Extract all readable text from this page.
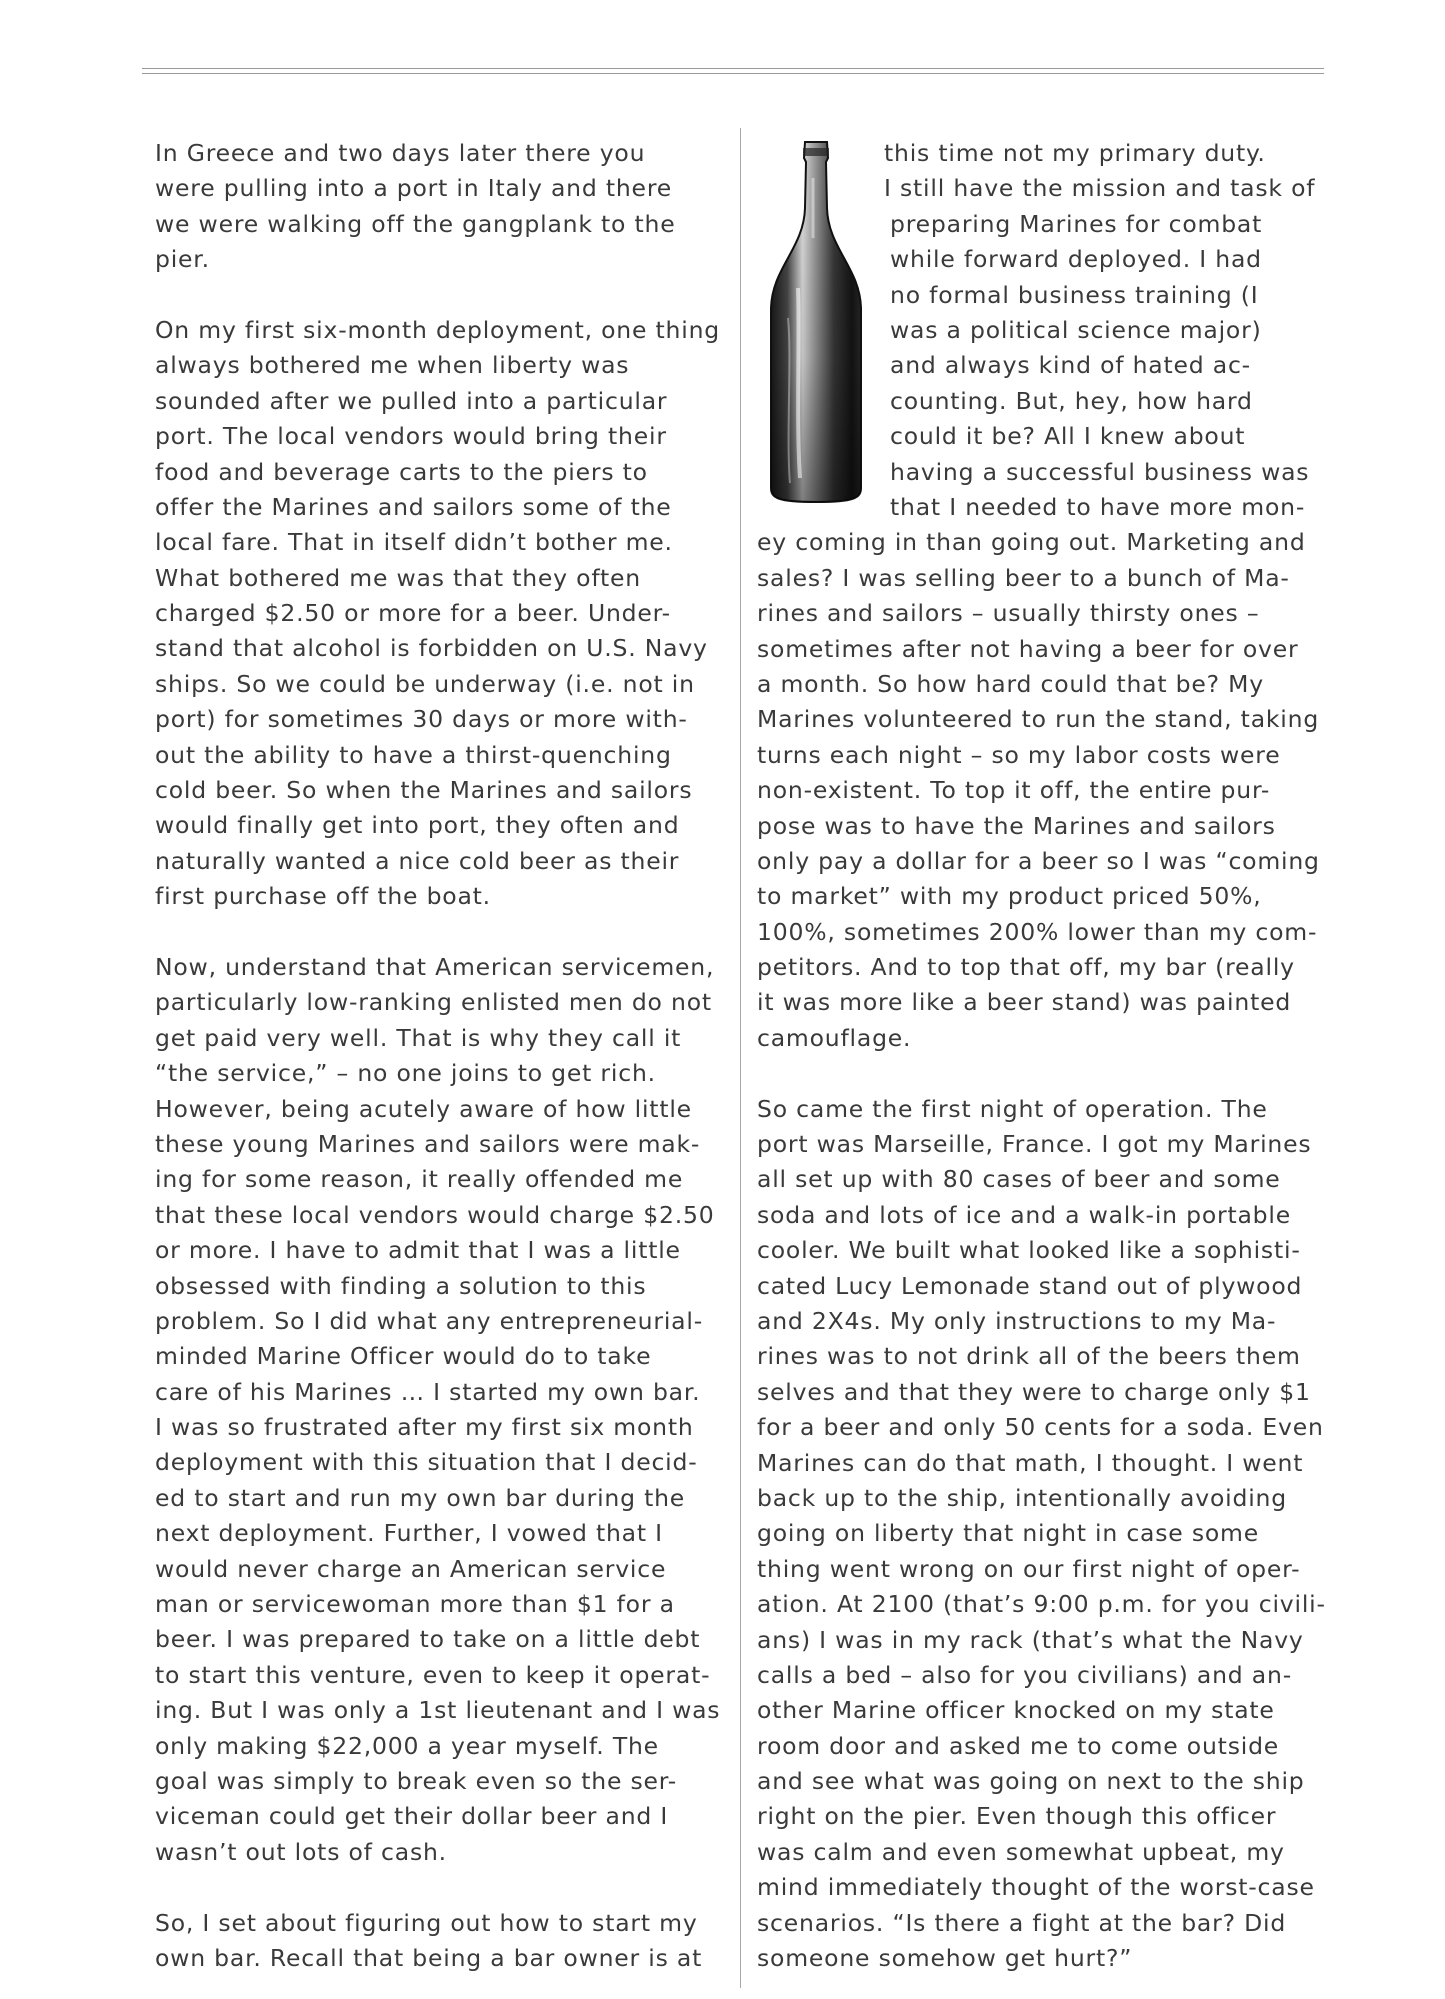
In Greece and two days later there you
were pulling into a port in Italy and there
we were walking off the gangplank to the
pier.
On my first six-month deployment, one thing
always bothered me when liberty was
sounded after we pulled into a particular
port. The local vendors would bring their
food and beverage carts to the piers to
offer the Marines and sailors some of the
local fare. That in itself didn’t bother me.
What bothered me was that they often
charged $2.50 or more for a beer. Under-
stand that alcohol is forbidden on U.S. Navy
ships. So we could be underway (i.e. not in
port) for sometimes 30 days or more with-
out the ability to have a thirst-quenching
cold beer. So when the Marines and sailors
would finally get into port, they often and
naturally wanted a nice cold beer as their
first purchase off the boat.
Now, understand that American servicemen,
particularly low-ranking enlisted men do not
get paid very well. That is why they call it
“the service,” – no one joins to get rich.
However, being acutely aware of how little
these young Marines and sailors were mak-
ing for some reason, it really offended me
that these local vendors would charge $2.50
or more. I have to admit that I was a little
obsessed with finding a solution to this
problem. So I did what any entrepreneurial-
minded Marine Officer would do to take
care of his Marines … I started my own bar.
I was so frustrated after my first six month
deployment with this situation that I decid-
ed to start and run my own bar during the
next deployment. Further, I vowed that I
would never charge an American service
man or servicewoman more than $1 for a
beer. I was prepared to take on a little debt
to start this venture, even to keep it operat-
ing. But I was only a 1st lieutenant and I was
only making $22,000 a year myself. The
goal was simply to break even so the ser-
viceman could get their dollar beer and I
wasn’t out lots of cash.
So, I set about figuring out how to start my
own bar. Recall that being a bar owner is at
this time not my primary duty.
I still have the mission and task of
preparing Marines for combat
while forward deployed. I had
no formal business training (I
was a political science major)
and always kind of hated ac-
counting. But, hey, how hard
could it be? All I knew about
having a successful business was
that I needed to have more mon-
ey coming in than going out. Marketing and
sales? I was selling beer to a bunch of Ma-
rines and sailors – usually thirsty ones –
sometimes after not having a beer for over
a month. So how hard could that be? My
Marines volunteered to run the stand, taking
turns each night – so my labor costs were
non-existent. To top it off, the entire pur-
pose was to have the Marines and sailors
only pay a dollar for a beer so I was “coming
to market” with my product priced 50%,
100%, sometimes 200% lower than my com-
petitors. And to top that off, my bar (really
it was more like a beer stand) was painted
camouflage.
So came the first night of operation. The
port was Marseille, France. I got my Marines
all set up with 80 cases of beer and some
soda and lots of ice and a walk-in portable
cooler. We built what looked like a sophisti-
cated Lucy Lemonade stand out of plywood
and 2X4s. My only instructions to my Ma-
rines was to not drink all of the beers them
selves and that they were to charge only $1
for a beer and only 50 cents for a soda. Even
Marines can do that math, I thought. I went
back up to the ship, intentionally avoiding
going on liberty that night in case some
thing went wrong on our first night of oper-
ation. At 2100 (that’s 9:00 p.m. for you civili-
ans) I was in my rack (that’s what the Navy
calls a bed – also for you civilians) and an-
other Marine officer knocked on my state
room door and asked me to come outside
and see what was going on next to the ship
right on the pier. Even though this officer
was calm and even somewhat upbeat, my
mind immediately thought of the worst-case
scenarios. “Is there a fight at the bar? Did
someone somehow get hurt?”
